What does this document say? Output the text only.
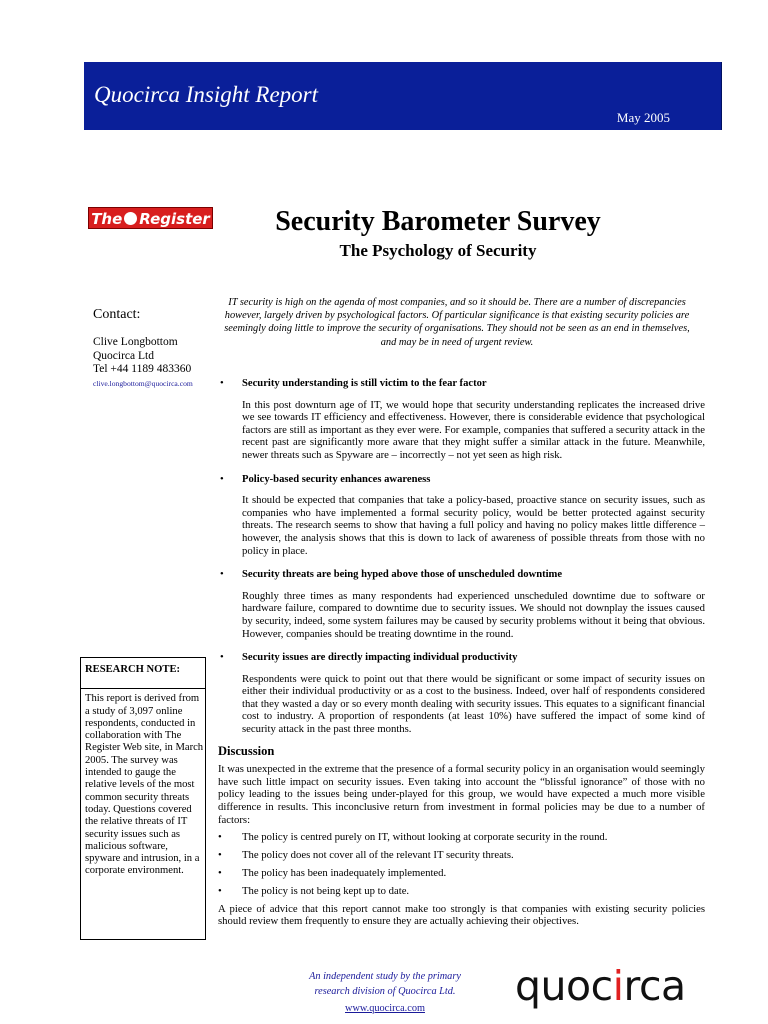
Quocirca Insight Report
May 2005
The Register	Security Barometer Survey
The Psychology of Security
IT security is high on the agenda of most companies, and so it should be. There are a number of discrepancies however, largely driven by psychological factors. Of particular significance is that existing security policies are seemingly doing little to improve the security of organisations. They should not be seen as an end in themselves, and may be in need of urgent review.
Contact:
Clive Longbottom
Quocirca Ltd
Tel +44 1189 483360
clive.longbottom@quocirca.com	• Security understanding is still victim to the fear factor
In this post downturn age of IT, we would hope that security understanding replicates the increased drive we see towards IT efficiency and effectiveness. However, there is considerable evidence that psychological factors are still as important as they ever were. For example, companies that suffered a security attack in the recent past are significantly more aware that they might suffer a similar attack in the future. Meanwhile, newer threats such as Spyware are – incorrectly – not yet seen as high risk.
• Policy-based security enhances awareness
It should be expected that companies that take a policy-based, proactive stance on security issues, such as companies who have implemented a formal security policy, would be better protected against security threats. The research seems to show that having a full policy and having no policy makes little difference – however, the analysis shows that this is down to lack of awareness of possible threats from those with no policy in place.
• Security threats are being hyped above those of unscheduled downtime
Roughly three times as many respondents had experienced unscheduled downtime due to software or hardware failure, compared to downtime due to security issues. We should not downplay the issues caused by security, indeed, some system failures may be caused by security problems without it being that obvious. However, companies should be treating downtime in the round.
• Security issues are directly impacting individual productivity
Respondents were quick to point out that there would be significant or some impact of security issues on either their individual productivity or as a cost to the business. Indeed, over half of respondents considered that they wasted a day or so every month dealing with security issues. This equates to a significant financial cost to industry. A proportion of respondents (at least 10%) have suffered the impact of some kind of security attack in the past three months.
Discussion
It was unexpected in the extreme that the presence of a formal security policy in an organisation would seemingly have such little impact on security issues. Even taking into account the “blissful ignorance” of those with no policy leading to the issues being under-played for this group, we would have expected a much more visible difference in results. This inconclusive return from investment in formal policies may be due to a number of factors:
• The policy is centred purely on IT, without looking at corporate security in the round.
• The policy does not cover all of the relevant IT security threats.
• The policy has been inadequately implemented.
• The policy is not being kept up to date.
A piece of advice that this report cannot make too strongly is that companies with existing security policies should review them frequently to ensure they are actually achieving their objectives.
RESEARCH NOTE:
This report is derived from a study of 3,097 online respondents, conducted in collaboration with The Register Web site, in March 2005. The survey was intended to gauge the relative levels of the most common security threats today. Questions covered the relative threats of IT security issues such as malicious software, spyware and intrusion, in a corporate environment.
An independent study by the primary
research division of Quocirca Ltd.
www.quocirca.com	quocirca
